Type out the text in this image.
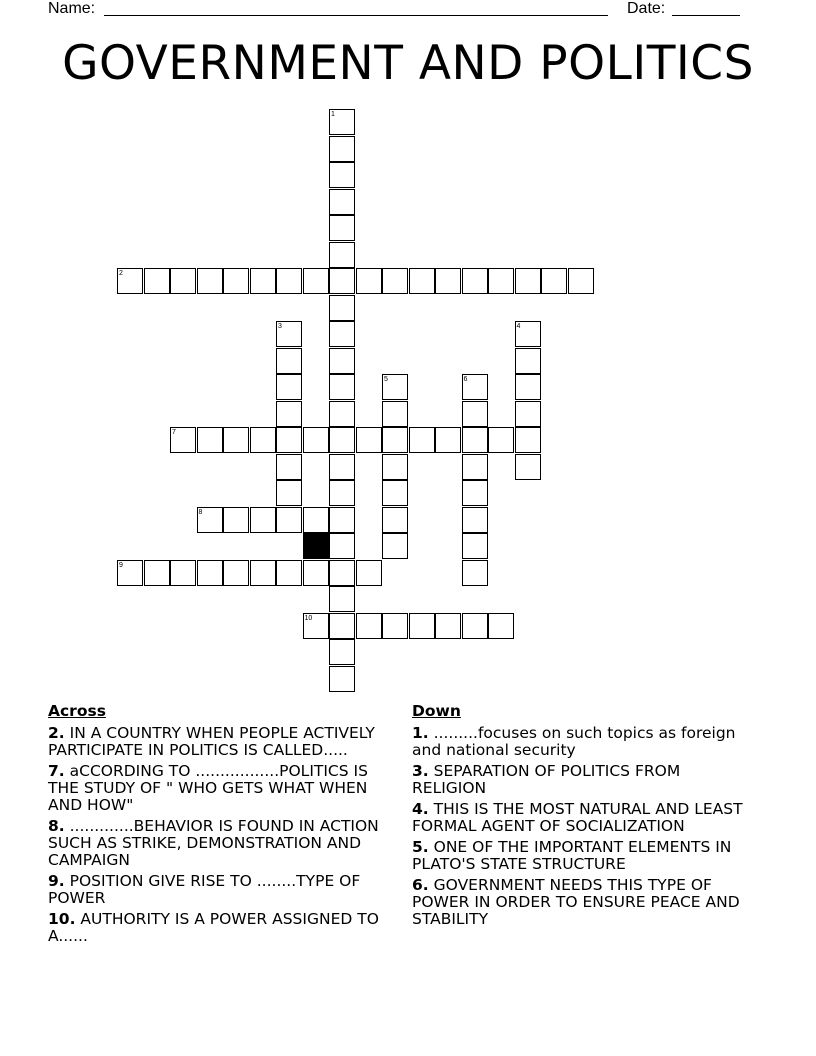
Name:	Date:
GOVERNMENT AND POLITICS
1
2
3	4
5	6
7
8
9
10
Across
2. IN A COUNTRY WHEN PEOPLE ACTIVELY PARTICIPATE IN POLITICS IS CALLED.....
7. aCCORDING TO .................POLITICS IS THE STUDY OF " WHO GETS WHAT WHEN AND HOW"
8. .............BEHAVIOR IS FOUND IN ACTION SUCH AS STRIKE, DEMONSTRATION AND CAMPAIGN
9. POSITION GIVE RISE TO ........TYPE OF POWER
10. AUTHORITY IS A POWER ASSIGNED TO A......
Down
1. .........focuses on such topics as foreign and national security
3. SEPARATION OF POLITICS FROM RELIGION
4. THIS IS THE MOST NATURAL AND LEAST FORMAL AGENT OF SOCIALIZATION
5. ONE OF THE IMPORTANT ELEMENTS IN PLATO'S STATE STRUCTURE
6. GOVERNMENT NEEDS THIS TYPE OF POWER IN ORDER TO ENSURE PEACE AND STABILITY
